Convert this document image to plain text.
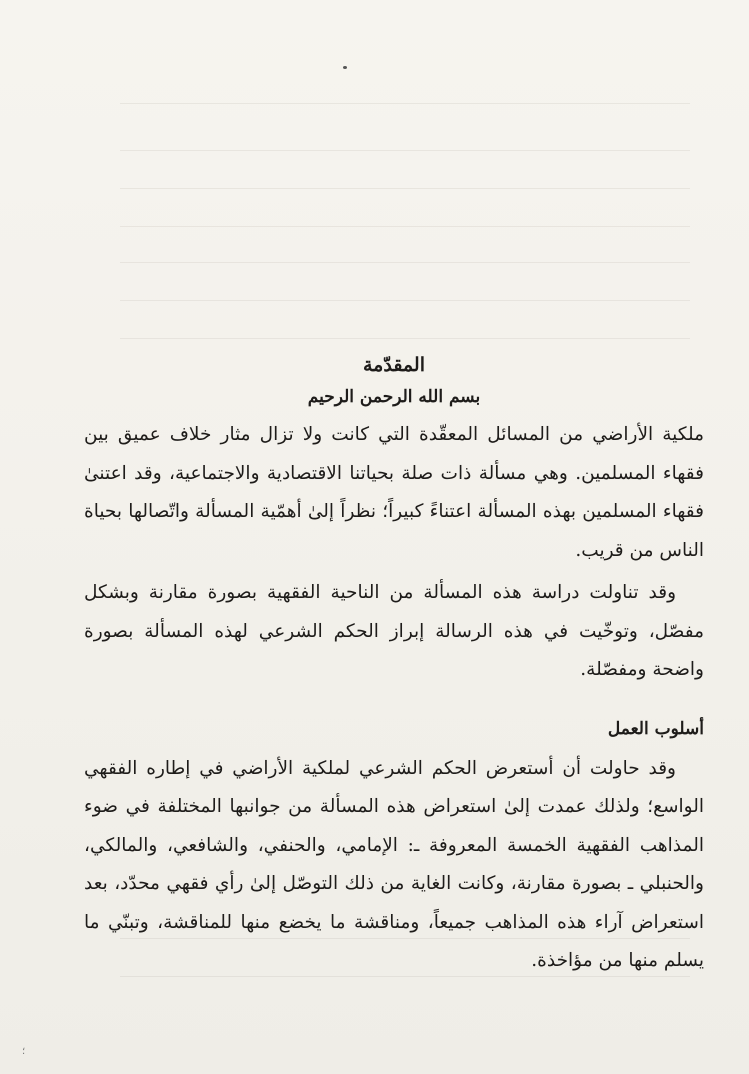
المقدّمة
بسم الله الرحمن الرحيم

ملكية الأراضي من المسائل المعقّدة التي كانت ولا تزال مثار خلاف عميق بين فقهاء المسلمين. وهي مسألة ذات صلة بحياتنا الاقتصادية والاجتماعية، وقد اعتنىٰ فقهاء المسلمين بهذه المسألة اعتناءً كبيراً؛ نظراً إلىٰ أهمّية المسألة واتّصالها بحياة الناس من قريب.

وقد تناولت دراسة هذه المسألة من الناحية الفقهية بصورة مقارنة وبشكل مفصّل، وتوخّيت في هذه الرسالة إبراز الحكم الشرعي لهذه المسألة بصورة واضحة ومفصّلة.

أسلوب العمل

وقد حاولت أن أستعرض الحكم الشرعي لملكية الأراضي في إطاره الفقهي الواسع؛ ولذلك عمدت إلىٰ استعراض هذه المسألة من جوانبها المختلفة في ضوء المذاهب الفقهية الخمسة المعروفة ـ: الإمامي، والحنفي، والشافعي، والمالكي، والحنبلي ـ بصورة مقارنة، وكانت الغاية من ذلك التوصّل إلىٰ رأي فقهي محدّد، بعد استعراض آراء هذه المذاهب جميعاً، ومناقشة ما يخضع منها للمناقشة، وتبنّي ما يسلم منها من مؤاخذة.

؛
